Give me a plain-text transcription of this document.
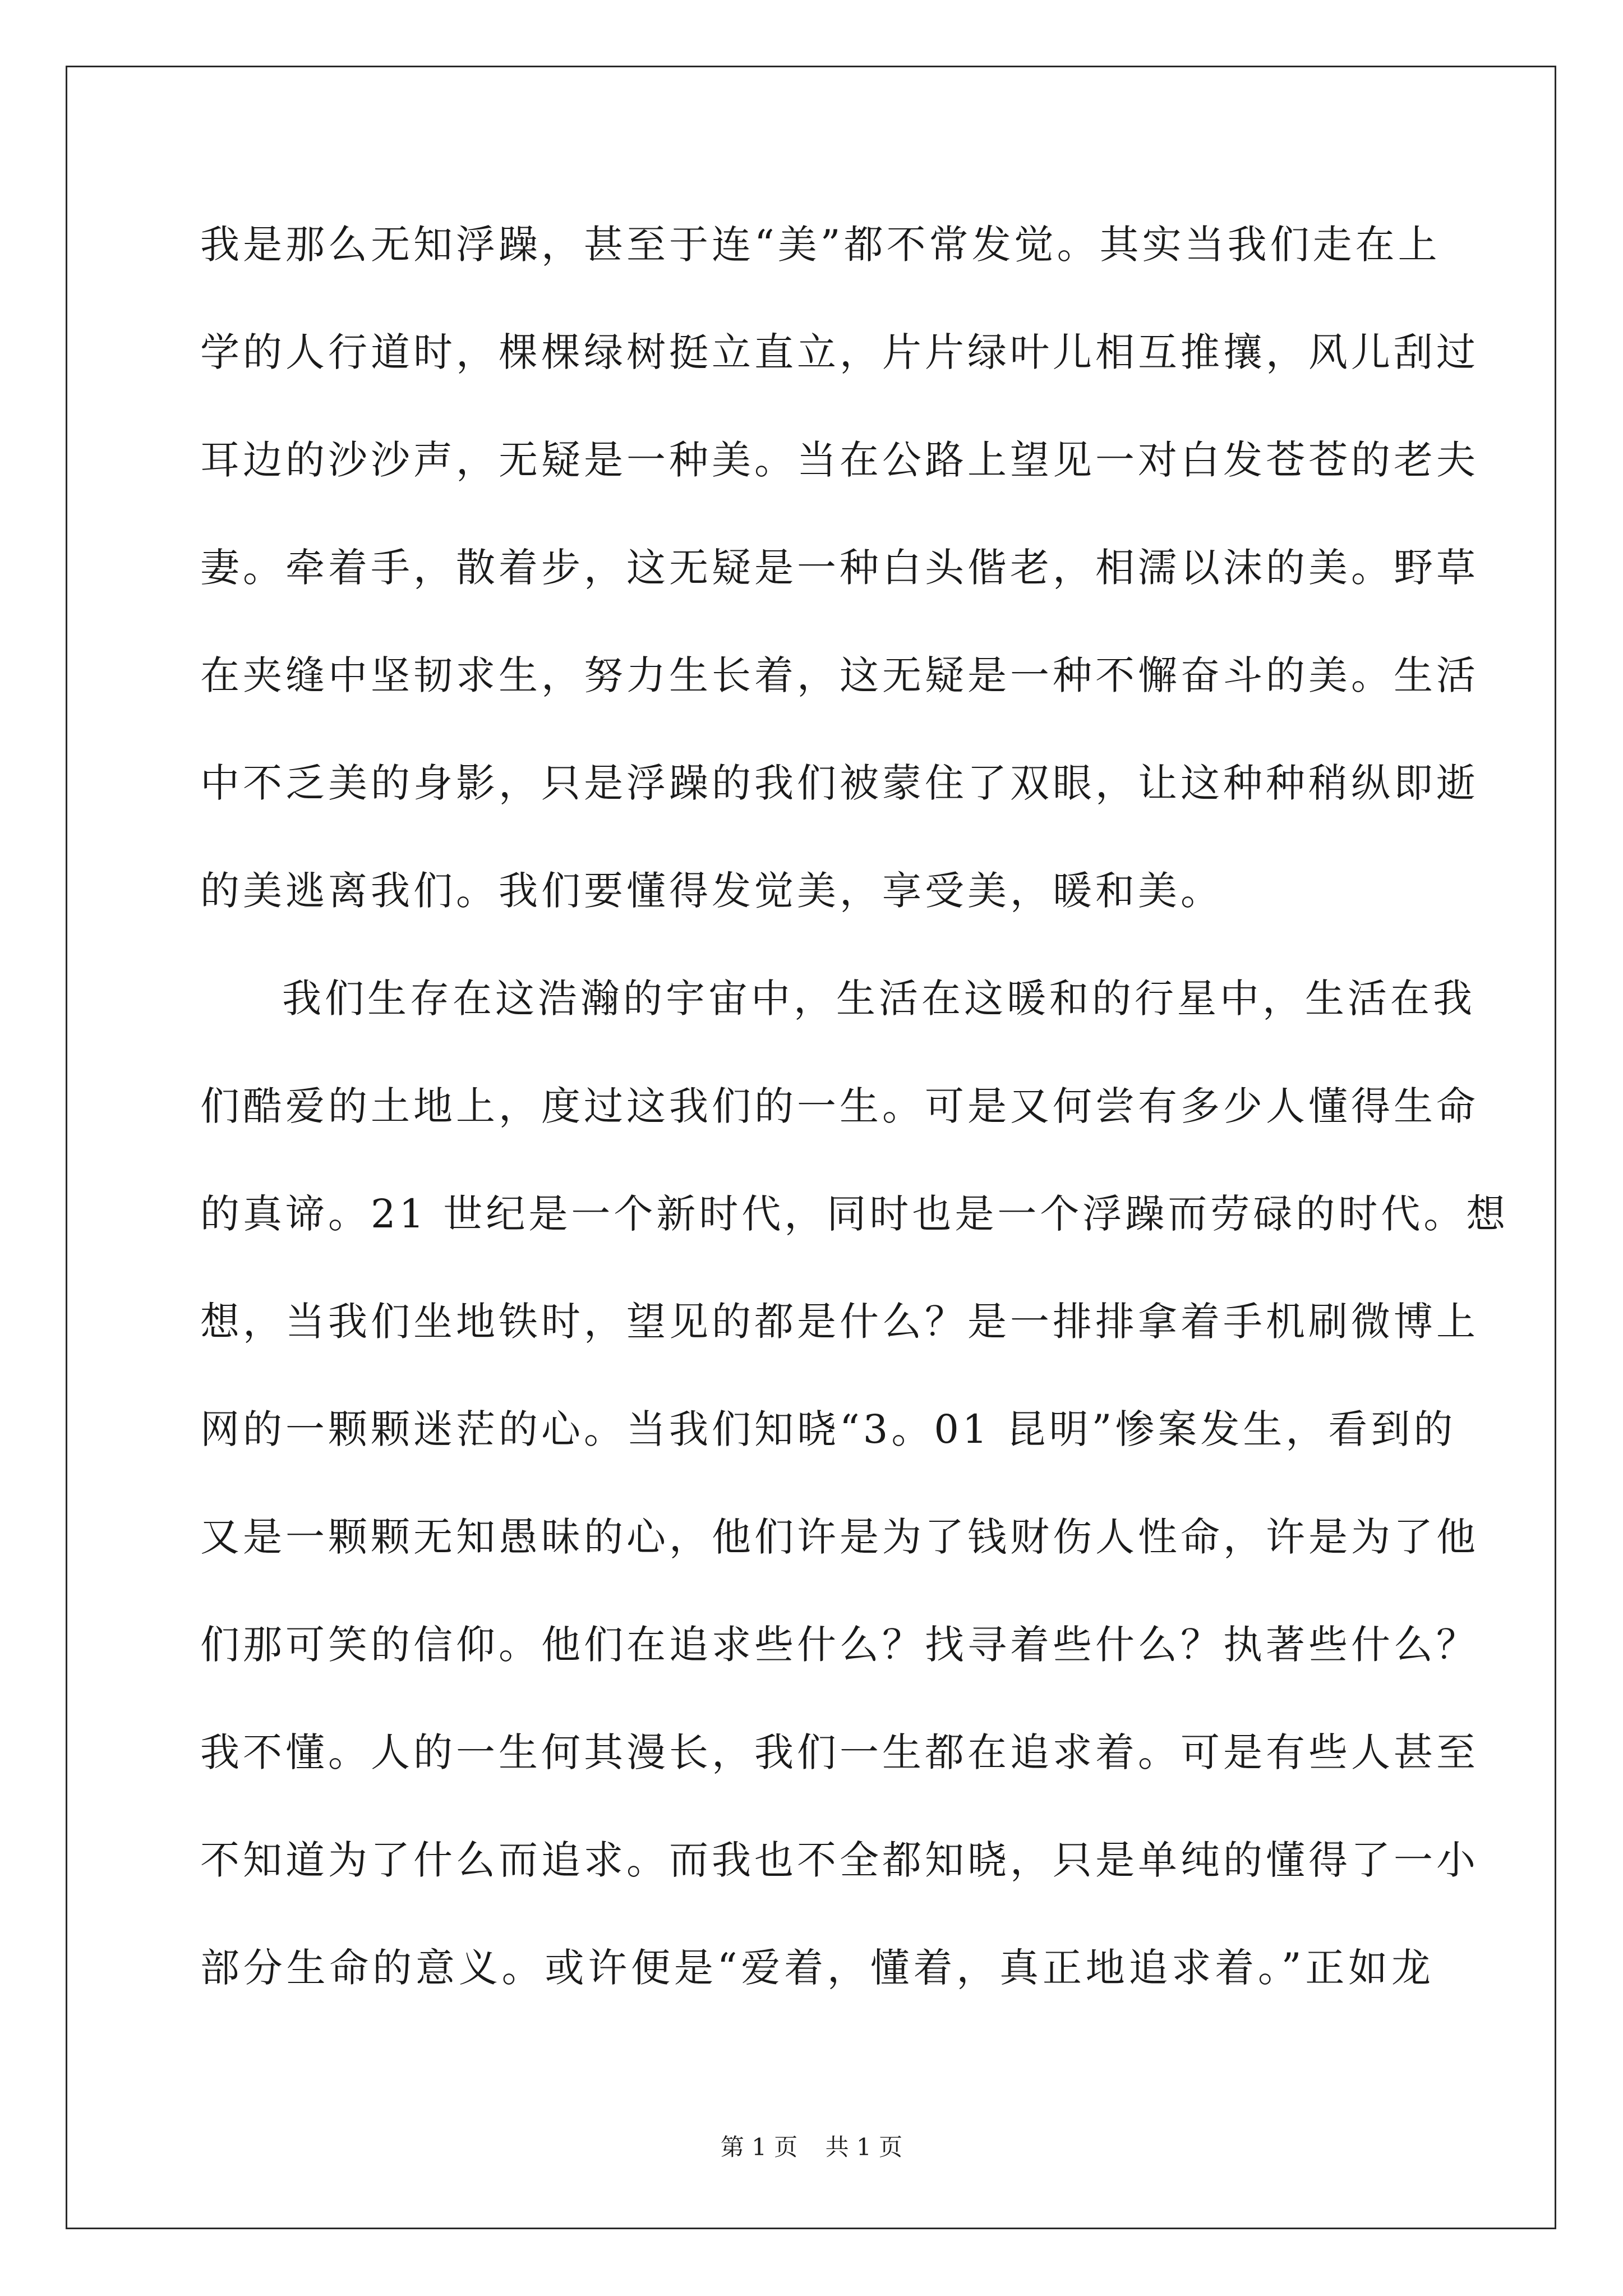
我是那么无知浮躁，甚至于连“美”都不常发觉。其实当我们走在上
学的人行道时，棵棵绿树挺立直立，片片绿叶儿相互推攘，风儿刮过
耳边的沙沙声，无疑是一种美。当在公路上望见一对白发苍苍的老夫
妻。牵着手，散着步，这无疑是一种白头偕老，相濡以沫的美。野草
在夹缝中坚韧求生，努力生长着，这无疑是一种不懈奋斗的美。生活
中不乏美的身影，只是浮躁的我们被蒙住了双眼，让这种种稍纵即逝
的美逃离我们。我们要懂得发觉美，享受美，暖和美。
我们生存在这浩瀚的宇宙中，生活在这暖和的行星中，生活在我
们酷爱的土地上，度过这我们的一生。可是又何尝有多少人懂得生命
的真谛。21 世纪是一个新时代，同时也是一个浮躁而劳碌的时代。想
想，当我们坐地铁时，望见的都是什么？是一排排拿着手机刷微博上
网的一颗颗迷茫的心。当我们知晓“3。01 昆明”惨案发生，看到的
又是一颗颗无知愚昧的心，他们许是为了钱财伤人性命，许是为了他
们那可笑的信仰。他们在追求些什么？找寻着些什么？执著些什么？
我不懂。人的一生何其漫长，我们一生都在追求着。可是有些人甚至
不知道为了什么而追求。而我也不全都知晓，只是单纯的懂得了一小
部分生命的意义。或许便是“爱着，懂着，真正地追求着。”正如龙
第 1 页 共 1 页
